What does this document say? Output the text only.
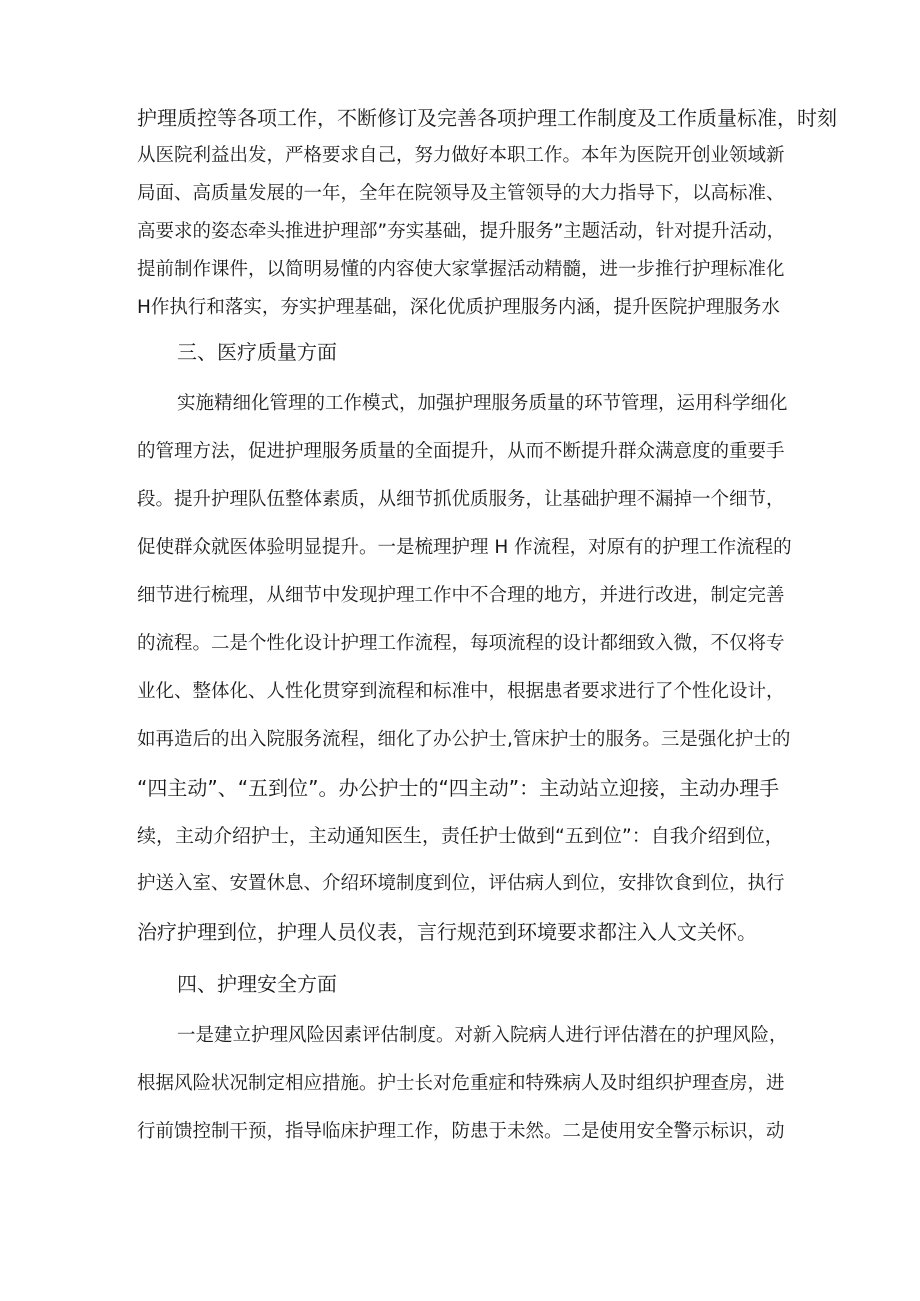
护理质控等各项工作，不断修订及完善各项护理工作制度及工作质量标准，时刻
从医院利益出发，严格要求自己，努力做好本职工作。本年为医院开创业领域新
局面、高质量发展的一年，全年在院领导及主管领导的大力指导下，以高标准、
高要求的姿态牵头推进护理部”夯实基础，提升服务”主题活动，针对提升活动，
提前制作课件，以简明易懂的内容使大家掌握活动精髓，进一步推行护理标准化
H作执行和落实，夯实护理基础，深化优质护理服务内涵，提升医院护理服务水
三、医疗质量方面
实施精细化管理的工作模式，加强护理服务质量的环节管理，运用科学细化
的管理方法，促进护理服务质量的全面提升，从而不断提升群众满意度的重要手
段。提升护理队伍整体素质，从细节抓优质服务，让基础护理不漏掉一个细节，
促使群众就医体验明显提升。一是梳理护理 H 作流程，对原有的护理工作流程的
细节进行梳理，从细节中发现护理工作中不合理的地方，并进行改进，制定完善
的流程。二是个性化设计护理工作流程，每项流程的设计都细致入微，不仅将专
业化、整体化、人性化贯穿到流程和标准中，根据患者要求进行了个性化设计，
如再造后的出入院服务流程，细化了办公护士,管床护士的服务。三是强化护士的
“四主动”、“五到位”。办公护士的“四主动”：主动站立迎接，主动办理手
续，主动介绍护士，主动通知医生，责任护士做到“五到位”：自我介绍到位，
护送入室、安置休息、介绍环境制度到位，评估病人到位，安排饮食到位，执行
治疗护理到位，护理人员仪表，言行规范到环境要求都注入人文关怀。
四、护理安全方面
一是建立护理风险因素评估制度。对新入院病人进行评估潜在的护理风险，
根据风险状况制定相应措施。护士长对危重症和特殊病人及时组织护理查房，进
行前馈控制干预，指导临床护理工作，防患于未然。二是使用安全警示标识，动
